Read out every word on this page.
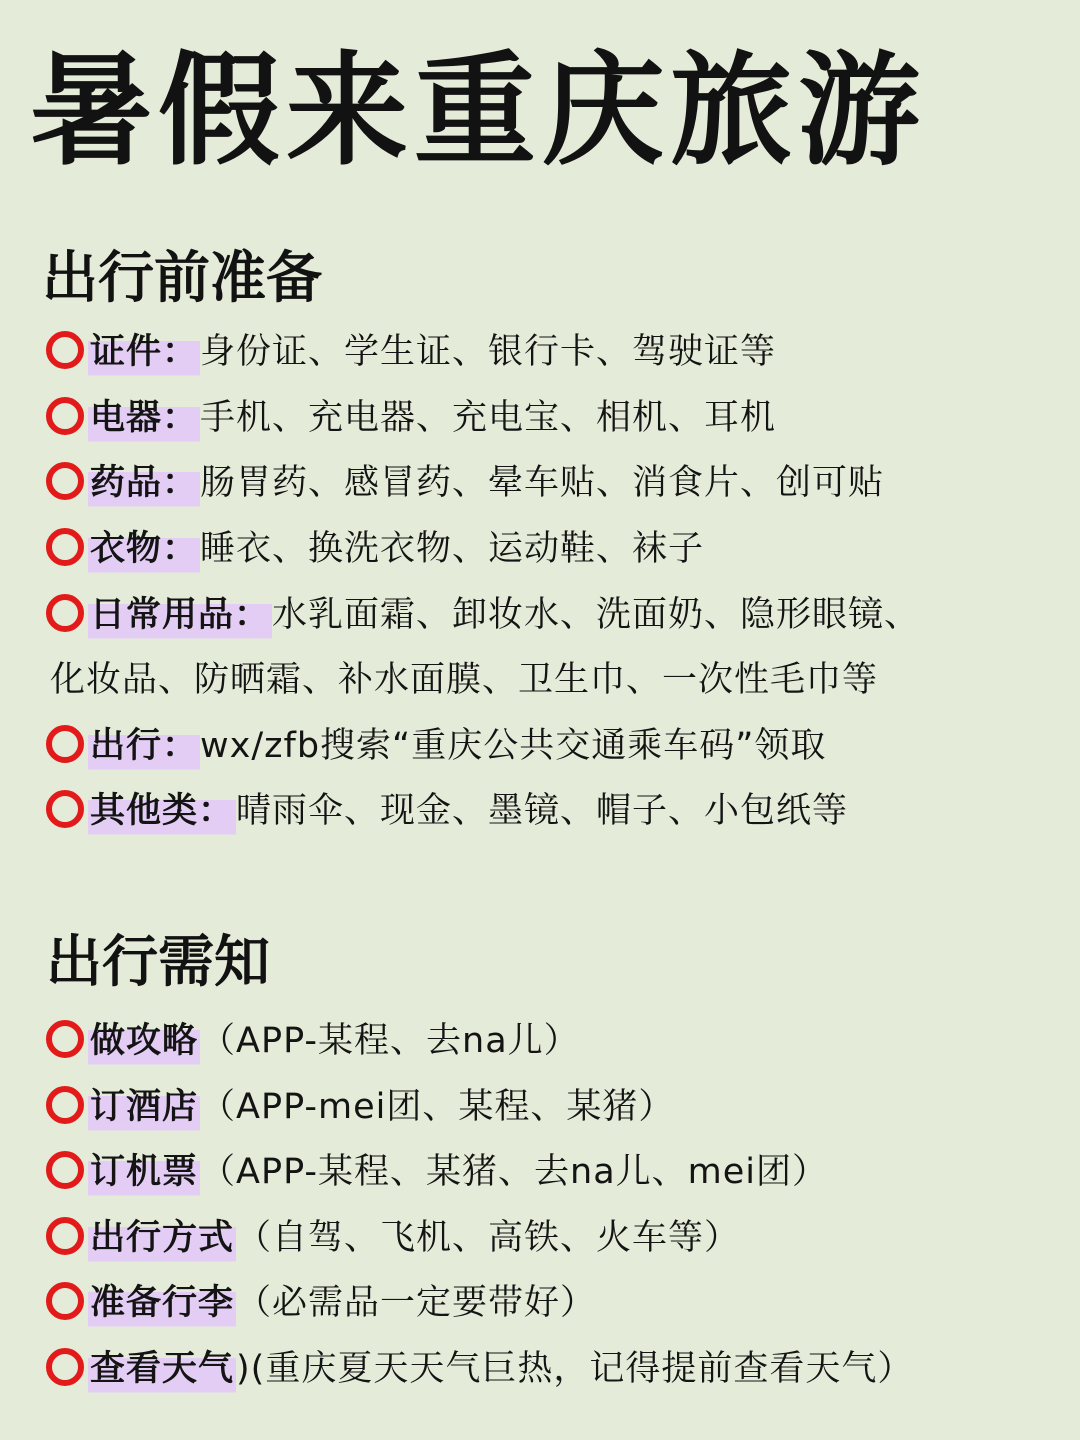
暑假来重庆旅游
出行前准备
证件：身份证、学生证、银行卡、驾驶证等
电器：手机、充电器、充电宝、相机、耳机
药品：肠胃药、感冒药、晕车贴、消食片、创可贴
衣物：睡衣、换洗衣物、运动鞋、袜子
日常用品：水乳面霜、卸妆水、洗面奶、隐形眼镜、
化妆品、防晒霜、补水面膜、卫生巾、一次性毛巾等
出行：wx/zfb搜索“重庆公共交通乘车码”领取
其他类：晴雨伞、现金、墨镜、帽子、小包纸等
出行需知
做攻略（APP-某程、去na儿）
订酒店（APP-mei团、某程、某猪）
订机票（APP-某程、某猪、去na儿、mei团）
出行方式（自驾、飞机、高铁、火车等）
准备行李（必需品一定要带好）
查看天气)(重庆夏天天气巨热，记得提前查看天气）
